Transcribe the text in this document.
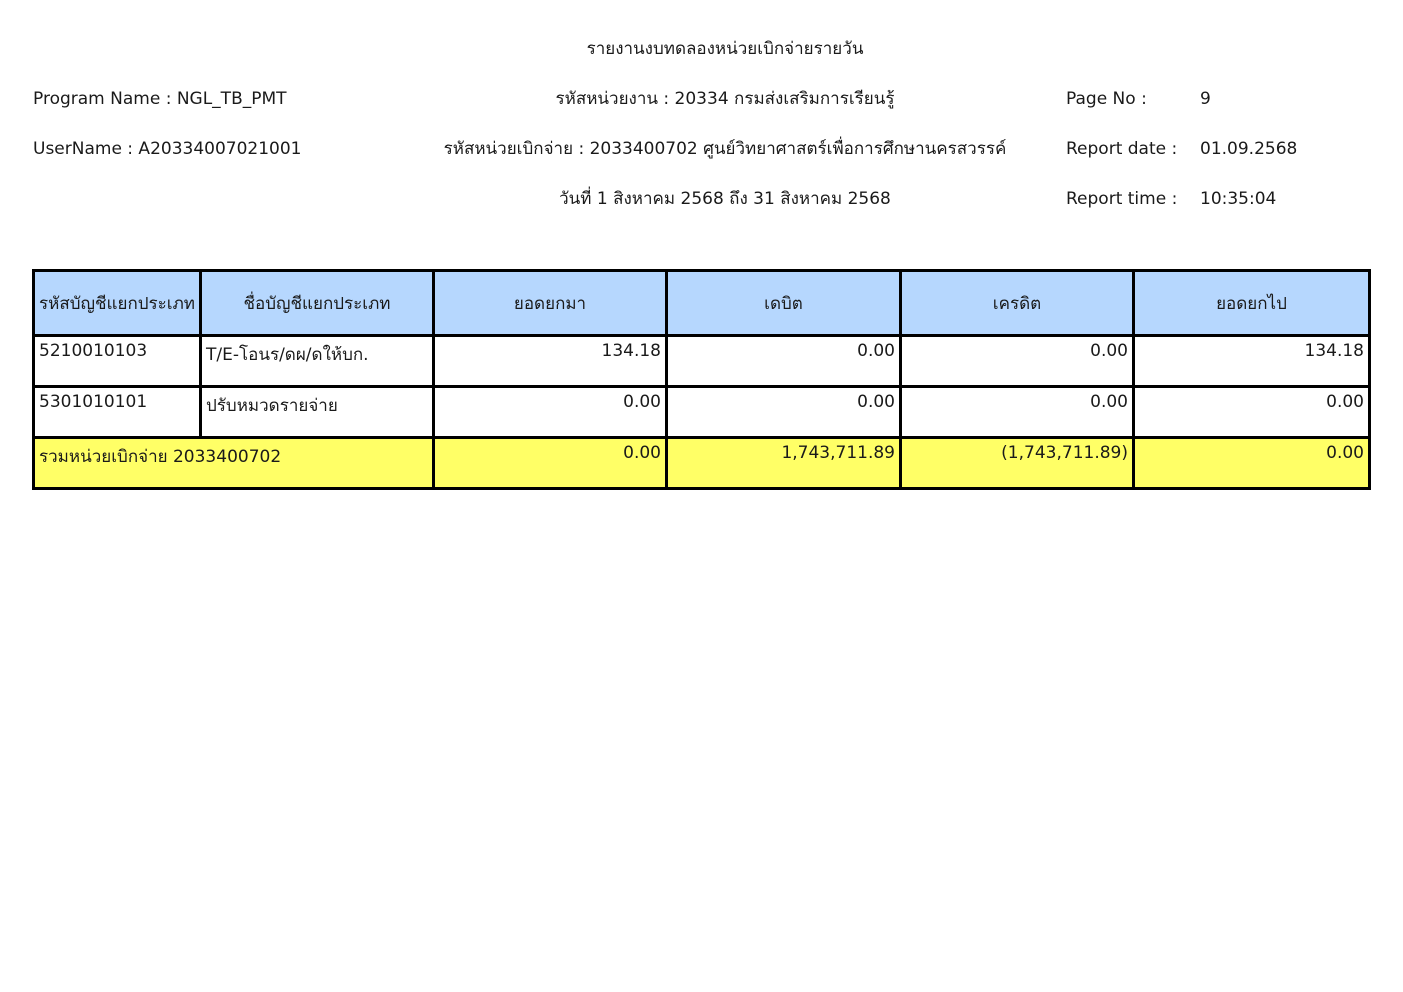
รายงานงบทดลองหน่วยเบิกจ่ายรายวัน
Program Name : NGL_TB_PMT	รหัสหน่วยงาน : 20334 กรมส่งเสริมการเรียนรู้	Page No :	9
UserName : A20334007021001	รหัสหน่วยเบิกจ่าย : 2033400702 ศูนย์วิทยาศาสตร์เพื่อการศึกษานครสวรรค์	Report date : 01.09.2568
วันที่ 1 สิงหาคม 2568 ถึง 31 สิงหาคม 2568	Report time : 10:35:04
รหัสบัญชีแยกประเภท	ชื่อบัญชีแยกประเภท	ยอดยกมา	เดบิต	เครดิต	ยอดยกไป
5210010103	T/E-โอนร/ดผ/ดให้บก.	134.18	0.00	0.00	134.18
5301010101	ปรับหมวดรายจ่าย	0.00	0.00	0.00	0.00
รวมหน่วยเบิกจ่าย 2033400702		0.00	1,743,711.89	(1,743,711.89)	0.00
